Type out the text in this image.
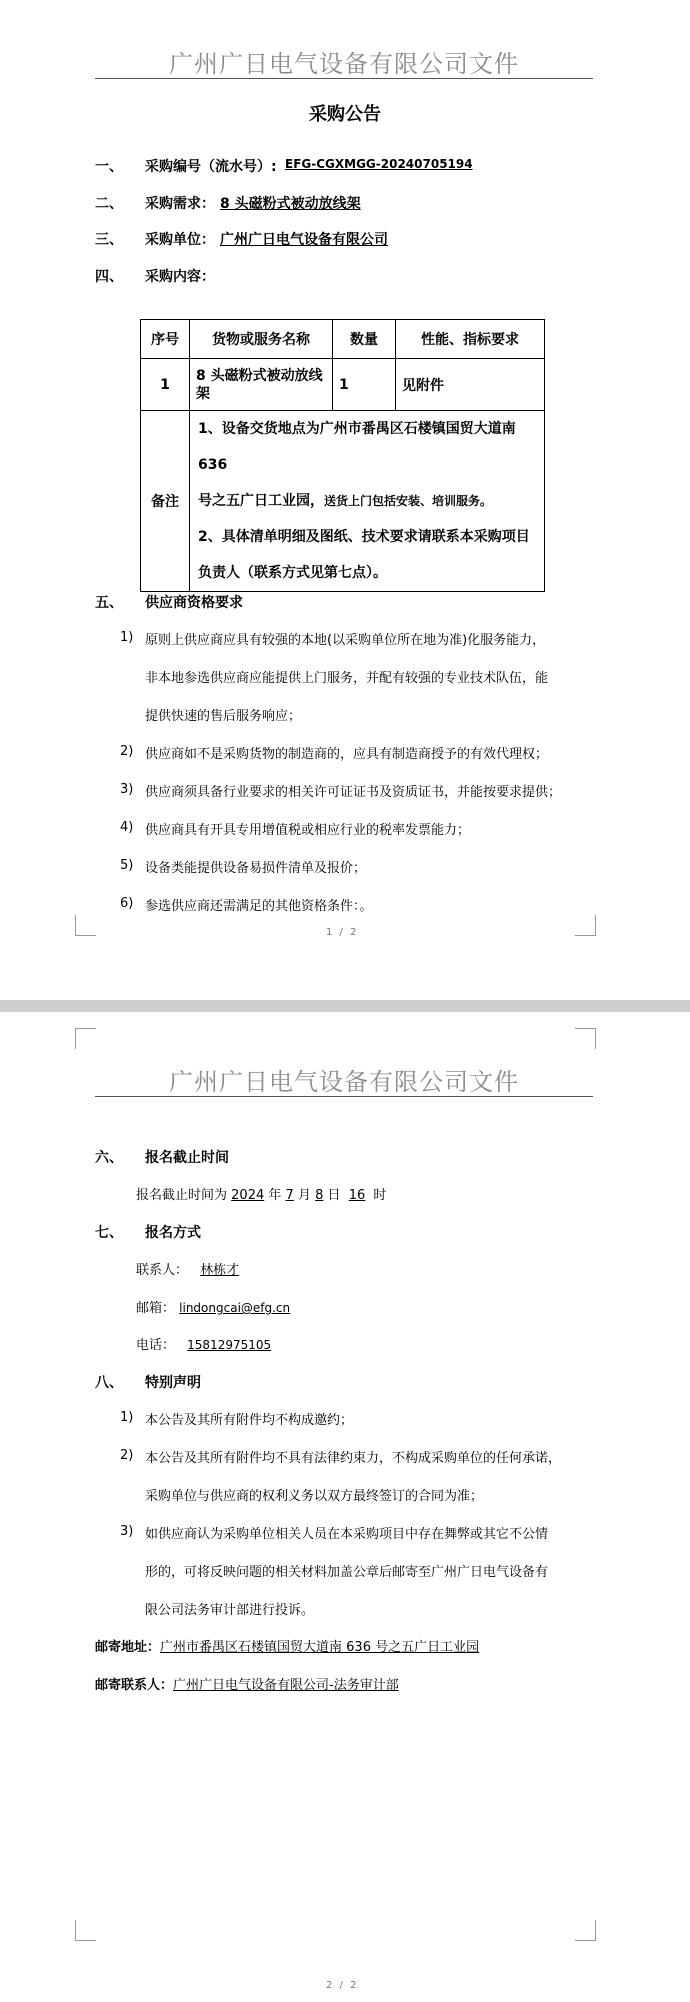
广州广日电气设备有限公司文件
采购公告
一、 采购编号（流水号）: EFG-CGXMGG-20240705194
二、 采购需求： 8 头磁粉式被动放线架
三、 采购单位： 广州广日电气设备有限公司
四、 采购内容：
序号	货物或服务名称	数量	性能、指标要求
1	8 头磁粉式被动放线架	1	见附件
备注	1、设备交货地点为广州市番禺区石楼镇国贸大道南 636
号之五广日工业园，送货上门包括安装、培训服务。
2、具体清单明细及图纸、技术要求请联系本采购项目
负责人（联系方式见第七点）。		
五、 供应商资格要求
1) 原则上供应商应具有较强的本地(以采购单位所在地为准)化服务能力，
非本地参选供应商应能提供上门服务，并配有较强的专业技术队伍，能
提供快速的售后服务响应；
2) 供应商如不是采购货物的制造商的，应具有制造商授予的有效代理权；
3) 供应商须具备行业要求的相关许可证证书及资质证书，并能按要求提供；
4) 供应商具有开具专用增值税或相应行业的税率发票能力；
5) 设备类能提供设备易损件清单及报价；
6) 参选供应商还需满足的其他资格条件：。
1 / 2
广州广日电气设备有限公司文件
六、 报名截止时间
报名截止时间为 2024 年 7 月 8 日 16 时
七、 报名方式
联系人： 林栋才
邮箱： lindongcai@efg.cn
电话： 15812975105
八、 特别声明
1) 本公告及其所有附件均不构成邀约；
2) 本公告及其所有附件均不具有法律约束力，不构成采购单位的任何承诺，
采购单位与供应商的权利义务以双方最终签订的合同为准；
3) 如供应商认为采购单位相关人员在本采购项目中存在舞弊或其它不公情
形的，可将反映问题的相关材料加盖公章后邮寄至广州广日电气设备有
限公司法务审计部进行投诉。
邮寄地址：广州市番禺区石楼镇国贸大道南 636 号之五广日工业园
邮寄联系人：广州广日电气设备有限公司-法务审计部
2 / 2
